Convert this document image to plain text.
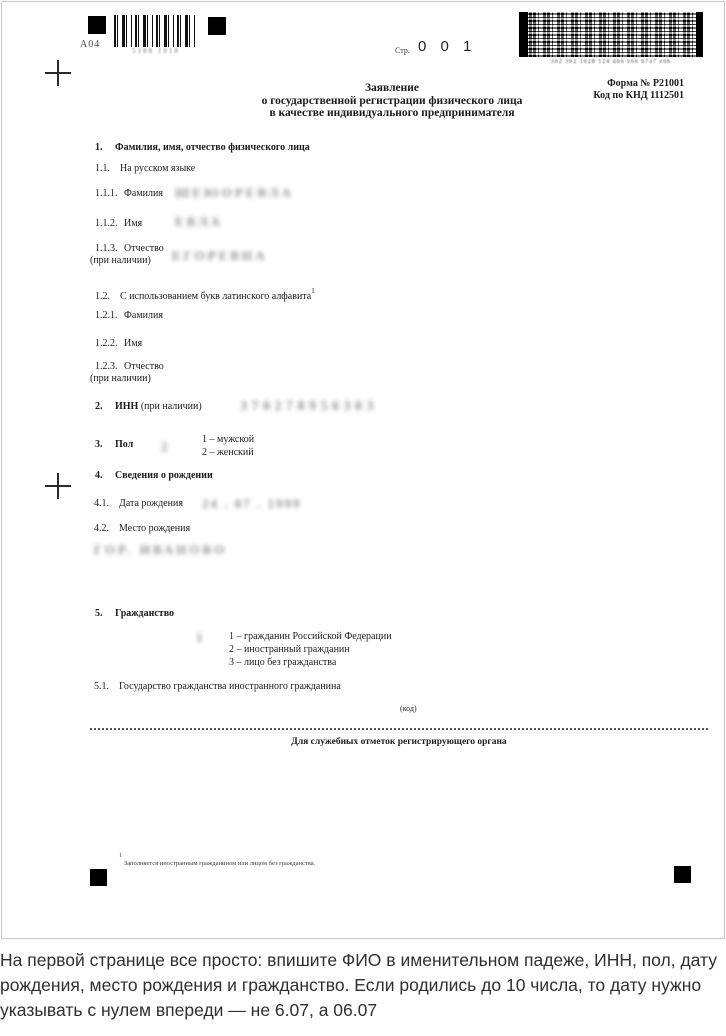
А04
5188 1018	Стр. 0 0 1
3b2 3b2 1028 124 db6 e6b b7a7 e6b
Форма № Р21001
Код по КНД 1112501
Заявление
о государственной регистрации физического лица
в качестве индивидуального предпринимателя
1. Фамилия, имя, отчество физического лица
1.1. На русском языке
1.1.1. Фамилия ШЕЮОРЕВЛА
1.1.2. Имя	ЕВЛА
1.1.3. Отчество
(при наличии) ЕГОРЕВНА
1.2. С использованием букв латинского алфавита$^1$
1.2.1. Фамилия
1.2.2. Имя
1.2.3. Отчество
(при наличии)
2. ИНН (при наличии)	370278956303
3. Пол 2	1 – мужской
2 – женский
4. Сведения о рождении
4.1. Дата рождения 24 . 07 . 1999
4.2. Место рождения
ГОР. ИВАНОВО
5. Гражданство
1 1 – гражданин Российской Федерации
2 – иностранный гражданин
3 – лицо без гражданства
5.1. Государство гражданства иностранного гражданина
(код)
Для служебных отметок регистрирующего органа
1
Заполняется иностранным гражданином или лицом без гражданства.
На первой странице все просто: впишите ФИО в именительном падеже, ИНН, пол, дату рождения, место рождения и гражданство. Если родились до 10 числа, то дату нужно указывать с нулем впереди — не 6.07, а 06.07
